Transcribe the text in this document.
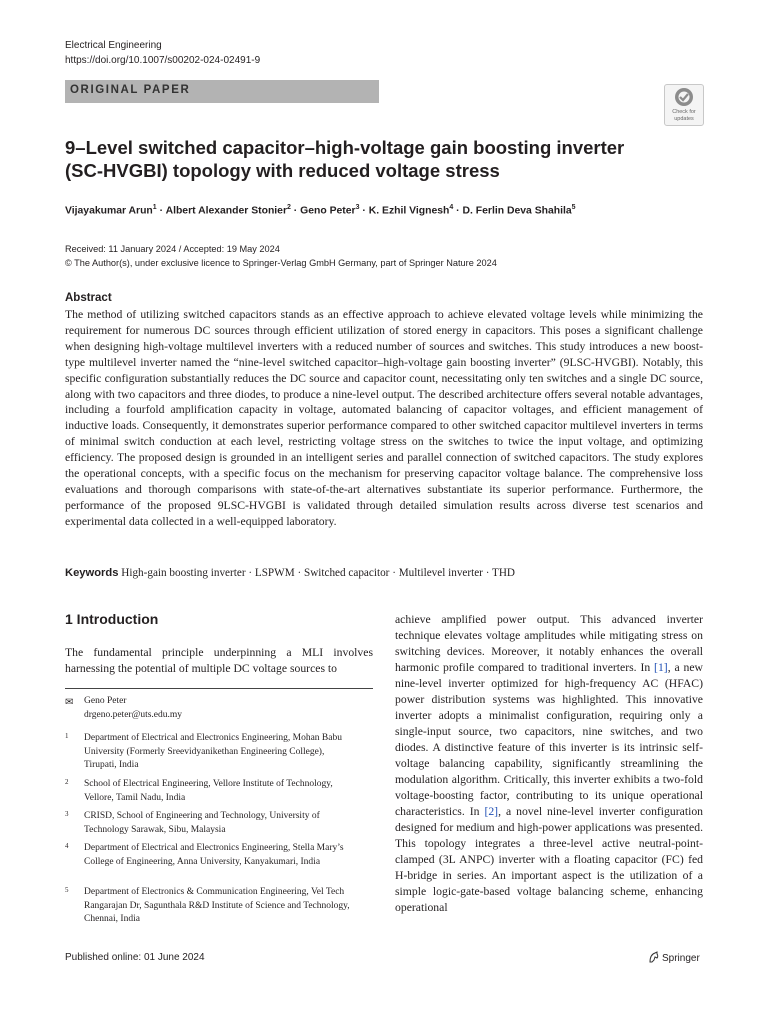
Electrical Engineering
https://doi.org/10.1007/s00202-024-02491-9
ORIGINAL PAPER
Check for
updates
9–Level switched capacitor–high-voltage gain boosting inverter
(SC-HVGBI) topology with reduced voltage stress
Vijayakumar Arun$^1$ · Albert Alexander Stonier$^2$ · Geno Peter$^3$ · K. Ezhil Vignesh$^4$ · D. Ferlin Deva Shahila$^5$
Received: 11 January 2024 / Accepted: 19 May 2024
© The Author(s), under exclusive licence to Springer-Verlag GmbH Germany, part of Springer Nature 2024
Abstract

The method of utilizing switched capacitors stands as an effective approach to achieve elevated voltage levels while minimizing the requirement for numerous DC sources through efficient utilization of stored energy in capacitors. This poses a significant challenge when designing high-voltage multilevel inverters with a reduced number of sources and switches. This study introduces a new boost-type multilevel inverter named the “nine-level switched capacitor–high-voltage gain boosting inverter” (9LSC-HVGBI). Notably, this specific configuration substantially reduces the DC source and capacitor count, necessitating only ten switches and a single DC source, along with two capacitors and three diodes, to produce a nine-level output. The described architecture offers several notable advantages, including a fourfold amplification capacity in voltage, automated balancing of capacitor voltages, and efficient management of inductive loads. Consequently, it demonstrates superior performance compared to other switched capacitor multilevel inverters in terms of minimal switch conduction at each level, restricting voltage stress on the switches to twice the input voltage, and optimizing efficiency. The proposed design is grounded in an intelligent series and parallel connection of switched capacitors. The study explores the operational concepts, with a specific focus on the mechanism for preserving capacitor voltage balance. The comprehensive loss evaluations and thorough comparisons with state-of-the-art alternatives substantiate its superior performance. Furthermore, the performance of the proposed 9LSC-HVGBI is validated through detailed simulation results across diverse test scenarios and experimental data collected in a well-equipped laboratory.

Keywords High-gain boosting inverter · LSPWM · Switched capacitor · Multilevel inverter · THD
1 Introduction

The fundamental principle underpinning a MLI involves harnessing the potential of multiple DC voltage sources to

✉ Geno Peter
drgeno.peter@uts.edu.my
1 Department of Electrical and Electronics Engineering, Mohan Babu University (Formerly Sreevidyanikethan Engineering College), Tirupati, India
2 School of Electrical Engineering, Vellore Institute of Technology, Vellore, Tamil Nadu, India
3 CRISD, School of Engineering and Technology, University of Technology Sarawak, Sibu, Malaysia
4 Department of Electrical and Electronics Engineering, Stella Mary’s College of Engineering, Anna University, Kanyakumari, India
5 Department of Electronics & Communication Engineering, Vel Tech Rangarajan Dr, Sagunthala R&D Institute of Science and Technology, Chennai, India

achieve amplified power output. This advanced inverter technique elevates voltage amplitudes while mitigating stress on switching devices. Moreover, it notably enhances the overall harmonic profile compared to traditional inverters. In [1], a new nine-level inverter optimized for high-frequency AC (HFAC) power distribution systems was highlighted. This innovative inverter adopts a minimalist configuration, requiring only a single-input source, two capacitors, nine switches, and two diodes. A distinctive feature of this inverter is its intrinsic self-voltage balancing capability, significantly streamlining the modulation algorithm. Critically, this inverter exhibits a two-fold voltage-boosting factor, contributing to its unique operational characteristics. In [2], a novel nine-level inverter configuration designed for medium and high-power applications was presented. This topology integrates a three-level active neutral-point-clamped (3L ANPC) inverter with a floating capacitor (FC) fed H-bridge in series. An important aspect is the utilization of a simple logic-gate-based voltage balancing scheme, enhancing operational

Published online: 01 June 2024	Springer
